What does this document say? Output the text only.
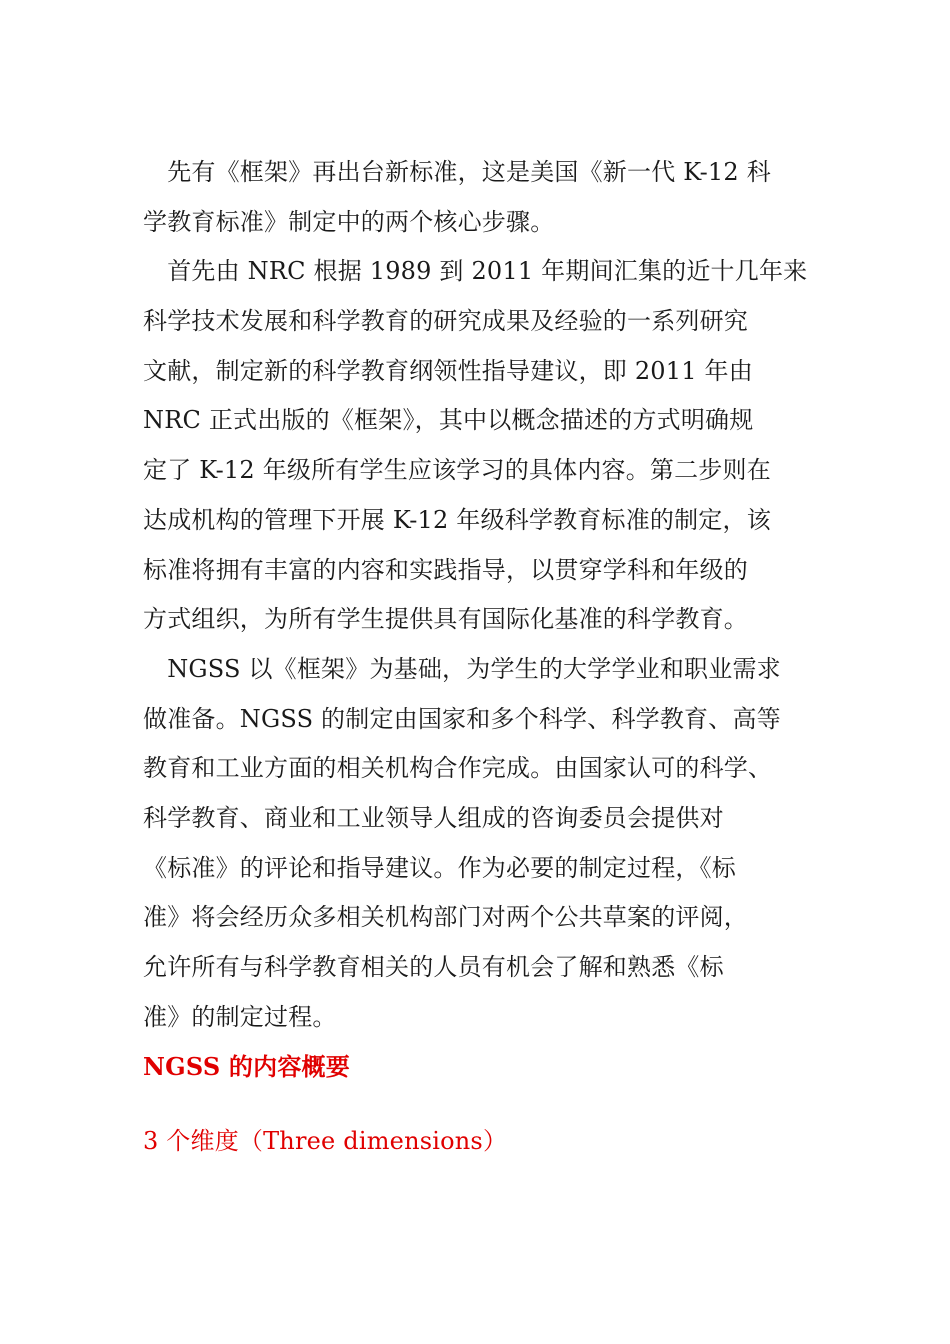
　先有《框架》再出台新标准，这是美国《新一代 K-12 科
学教育标准》制定中的两个核心步骤。
　首先由 NRC 根据 1989 到 2011 年期间汇集的近十几年来
科学技术发展和科学教育的研究成果及经验的一系列研究
文献，制定新的科学教育纲领性指导建议，即 2011 年由
NRC 正式出版的《框架》，其中以概念描述的方式明确规
定了 K-12 年级所有学生应该学习的具体内容。第二步则在
达成机构的管理下开展 K-12 年级科学教育标准的制定，该
标准将拥有丰富的内容和实践指导，以贯穿学科和年级的
方式组织，为所有学生提供具有国际化基准的科学教育。
　NGSS 以《框架》为基础，为学生的大学学业和职业需求
做准备。NGSS 的制定由国家和多个科学、科学教育、高等
教育和工业方面的相关机构合作完成。由国家认可的科学、
科学教育、商业和工业领导人组成的咨询委员会提供对
《标准》的评论和指导建议。作为必要的制定过程，《标
准》将会经历众多相关机构部门对两个公共草案的评阅，
允许所有与科学教育相关的人员有机会了解和熟悉《标
准》的制定过程。
NGSS 的内容概要
3 个维度（Three dimensions）
